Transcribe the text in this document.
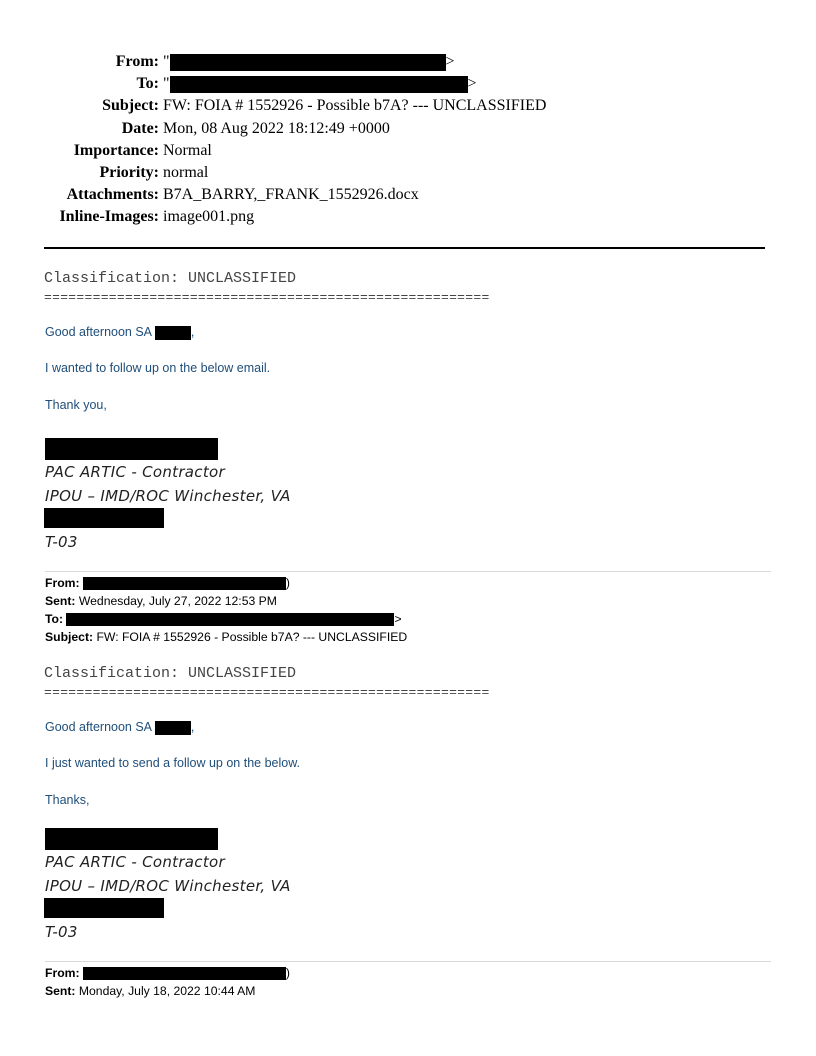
From: "	>
To: "	>
Subject: FW: FOIA # 1552926 - Possible b7A? --- UNCLASSIFIED
Date: Mon, 08 Aug 2022 18:12:49 +0000
Importance: Normal
Priority: normal
Attachments: B7A_BARRY,_FRANK_1552926.docx
Inline-Images: image001.png
Classification: UNCLASSIFIED
=======================================================
Good afternoon SA	,
I wanted to follow up on the below email.
Thank you,
PAC ARTIC - Contractor
IPOU – IMD/ROC Winchester, VA
T-03
From:	)
Sent: Wednesday, July 27, 2022 12:53 PM
To:	>
Subject: FW: FOIA # 1552926 - Possible b7A? --- UNCLASSIFIED
Classification: UNCLASSIFIED
=======================================================
Good afternoon SA	,
I just wanted to send a follow up on the below.
Thanks,
PAC ARTIC - Contractor
IPOU – IMD/ROC Winchester, VA
T-03
From:	)
Sent: Monday, July 18, 2022 10:44 AM
